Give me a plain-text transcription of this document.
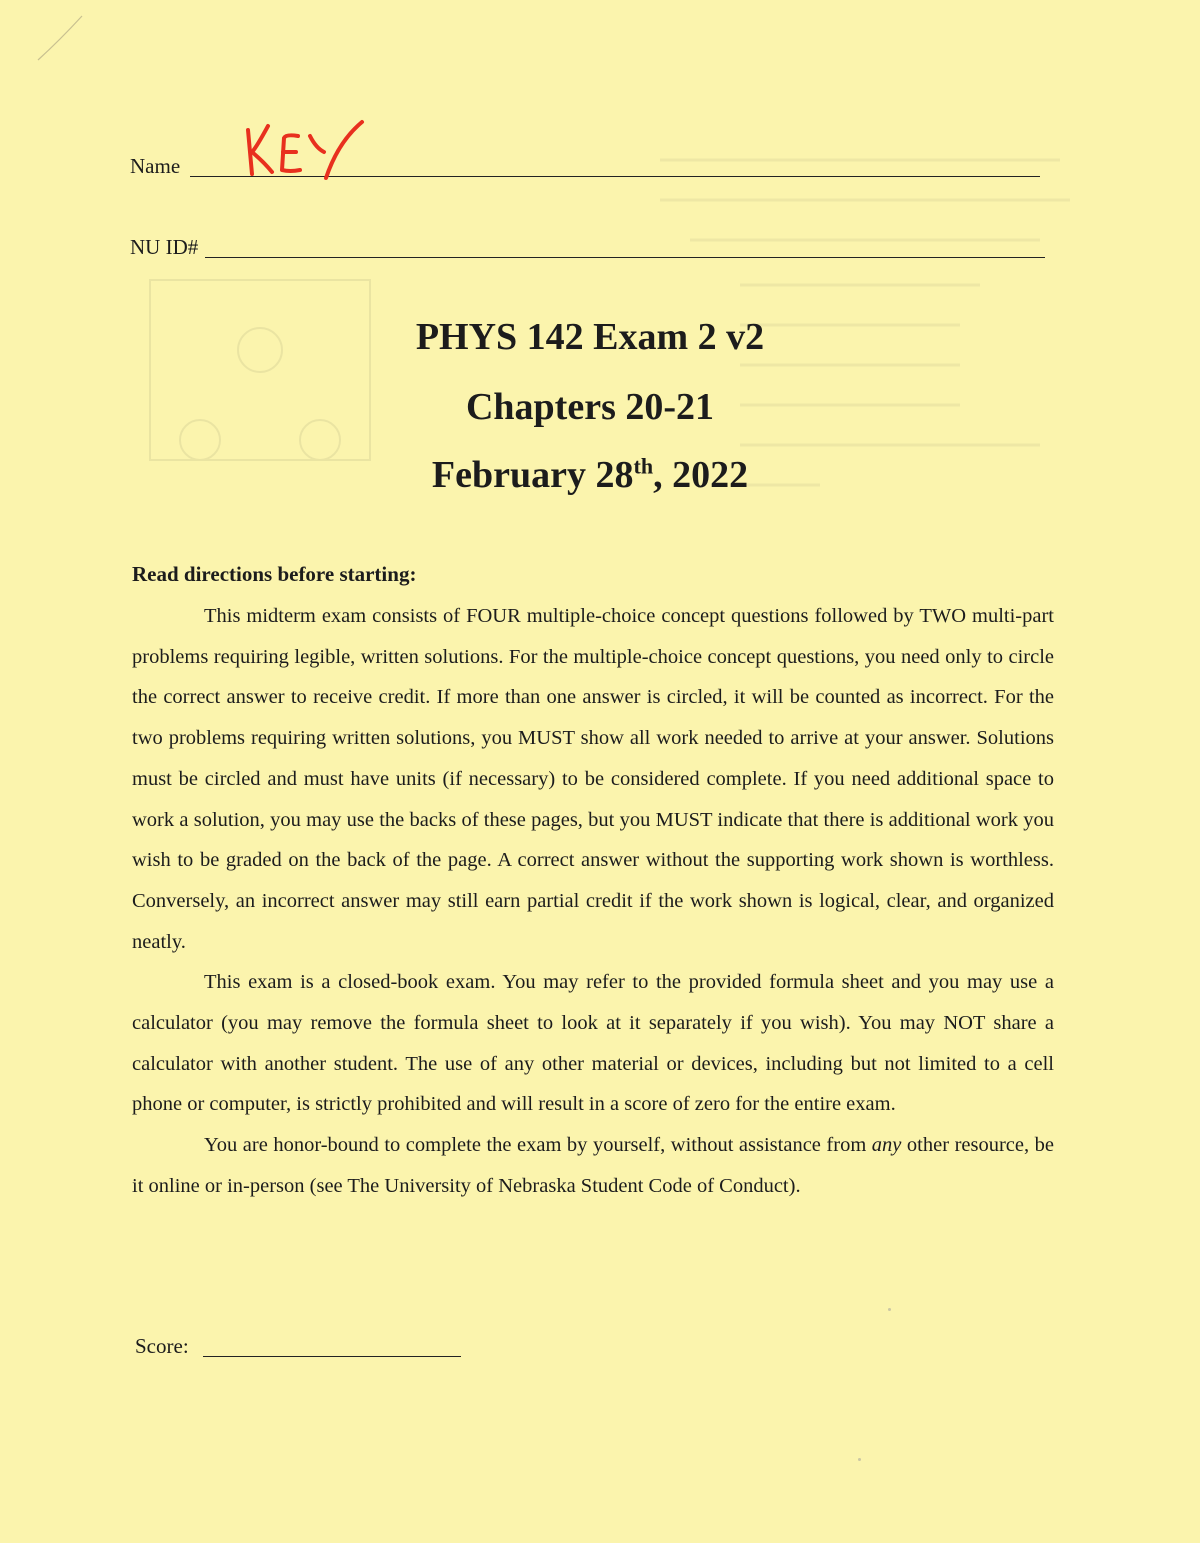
Name
NU ID#
PHYS 142 Exam 2 v2
Chapters 20-21
February 28th, 2022
Read directions before starting:

This midterm exam consists of FOUR multiple-choice concept questions followed by TWO multi-part problems requiring legible, written solutions. For the multiple-choice concept questions, you need only to circle the correct answer to receive credit. If more than one answer is circled, it will be counted as incorrect. For the two problems requiring written solutions, you MUST show all work needed to arrive at your answer. Solutions must be circled and must have units (if necessary) to be considered complete. If you need additional space to work a solution, you may use the backs of these pages, but you MUST indicate that there is additional work you wish to be graded on the back of the page. A correct answer without the supporting work shown is worthless. Conversely, an incorrect answer may still earn partial credit if the work shown is logical, clear, and organized neatly.

This exam is a closed-book exam. You may refer to the provided formula sheet and you may use a calculator (you may remove the formula sheet to look at it separately if you wish). You may NOT share a calculator with another student. The use of any other material or devices, including but not limited to a cell phone or computer, is strictly prohibited and will result in a score of zero for the entire exam.

You are honor-bound to complete the exam by yourself, without assistance from any other resource, be it online or in-person (see The University of Nebraska Student Code of Conduct).

Score:
